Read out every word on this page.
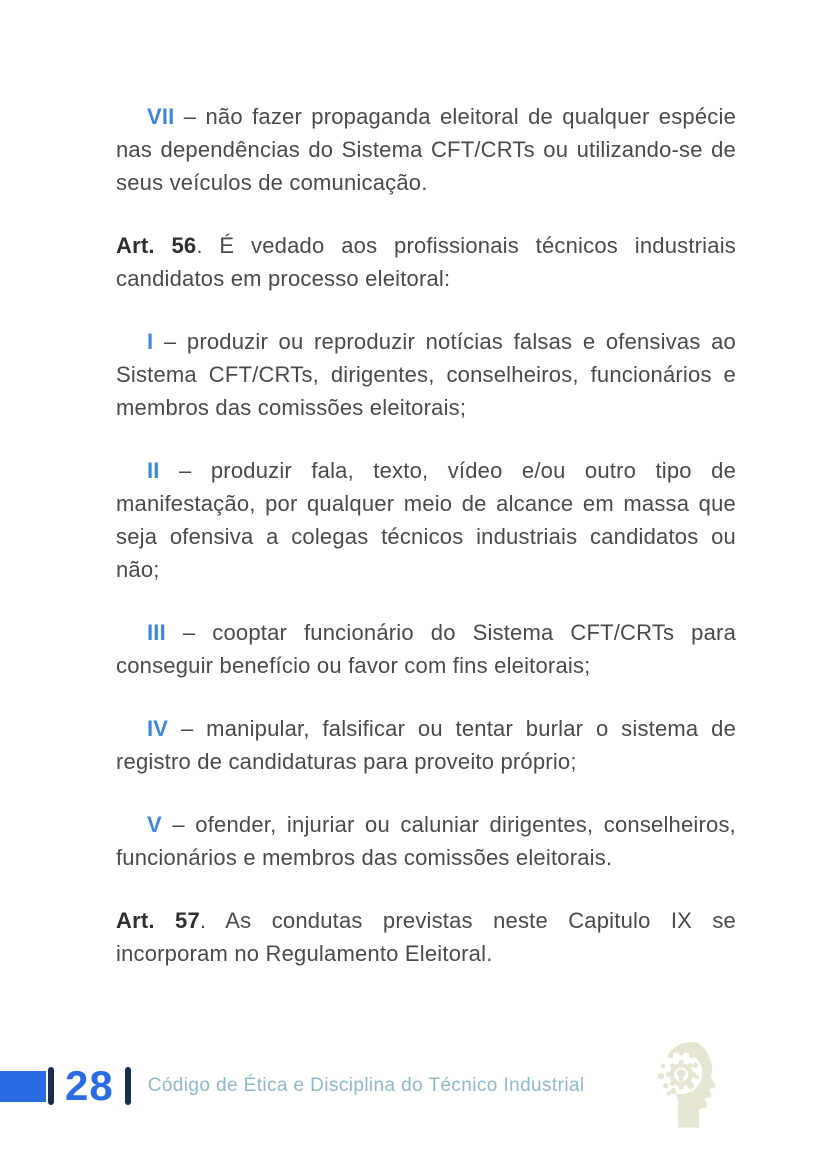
VII – não fazer propaganda eleitoral de qualquer espécie nas dependências do Sistema CFT/CRTs ou utilizando-se de seus veículos de comunicação.

Art. 56. É vedado aos profissionais técnicos industriais candidatos em processo eleitoral:

I – produzir ou reproduzir notícias falsas e ofensivas ao Sistema CFT/CRTs, dirigentes, conselheiros, funcionários e membros das comissões eleitorais;

II – produzir fala, texto, vídeo e/ou outro tipo de manifestação, por qualquer meio de alcance em massa que seja ofensiva a colegas técnicos industriais candidatos ou não;

III – cooptar funcionário do Sistema CFT/CRTs para conseguir benefício ou favor com fins eleitorais;

IV – manipular, falsificar ou tentar burlar o sistema de registro de candidaturas para proveito próprio;

V – ofender, injuriar ou caluniar dirigentes, conselheiros, funcionários e membros das comissões eleitorais.

Art. 57. As condutas previstas neste Capitulo IX se incorporam no Regulamento Eleitoral.

28 Código de Ética e Disciplina do Técnico Industrial
